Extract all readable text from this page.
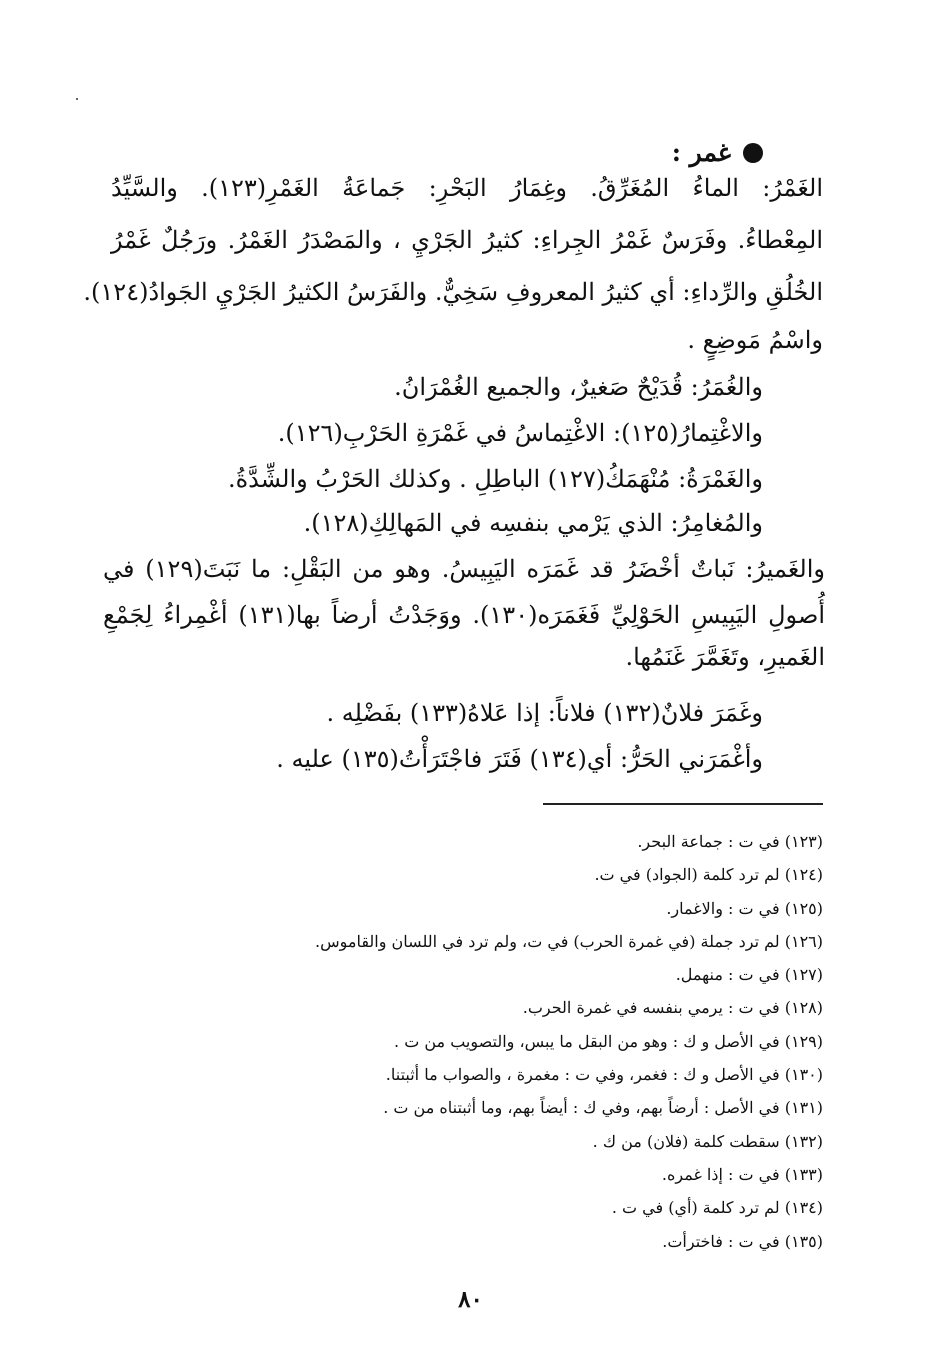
غمر :
الغَمْرُ: الماءُ المُغَرِّقُ. وغِمَارُ البَحْرِ: جَماعَةُ الغَمْرِ(١٢٣). والسَّيِّدُ
المِعْطاءُ. وفَرَسٌ غَمْرُ الجِراءِ: كثيرُ الجَرْيِ ، والمَصْدَرُ الغَمْرُ. ورَجُلٌ غَمْرُ
الخُلُقِ والرِّداءِ: أي كثيرُ المعروفِ سَخِيٌّ. والفَرَسُ الكثيرُ الجَرْيِ الجَوادُ(١٢٤).
واسْمُ مَوضِعٍ .
والغُمَرُ: قُدَيْحٌ صَغيرٌ، والجميع الغُمْرَانُ.
والاغْتِمارُ(١٢٥): الاغْتِماسُ في غَمْرَةِ الحَرْبِ(١٢٦).
والغَمْرَةُ: مُنْهَمَكُ(١٢٧) الباطِلِ . وكذلك الحَرْبُ والشِّدَّةُ.
والمُغامِرُ: الذي يَرْمي بنفسِه في المَهالِكِ(١٢٨).
والغَميرُ: نَباتٌ أخْضَرُ قد غَمَرَه اليَبِيسُ. وهو من البَقْلِ: ما نَبَتَ(١٢٩) في
أُصولِ اليَبِيسِ الحَوْلِيِّ فَغَمَرَه(١٣٠). ووَجَدْتُ أرضاً بها(١٣١) أغْمِراءُ لِجَمْعِ
الغَميرِ، وتَغَمَّرَ غَنَمُها.
وغَمَرَ فلانٌ(١٣٢) فلاناً: إذا عَلاهُ(١٣٣) بفَضْلِه .
وأغْمَرَني الحَرُّ: أي(١٣٤) فَتَرَ فاجْتَرَأْتُ(١٣٥) عليه .
(١٢٣) في ت : جماعة البحر.
(١٢٤) لم ترد كلمة (الجواد) في ت.
(١٢٥) في ت : والاغمار.
(١٢٦) لم ترد جملة (في غمرة الحرب) في ت، ولم ترد في اللسان والقاموس.
(١٢٧) في ت : منهمل.
(١٢٨) في ت : يرمي بنفسه في غمرة الحرب.
(١٢٩) في الأصل و ك : وهو من البقل ما يبس، والتصويب من ت .
(١٣٠) في الأصل و ك : فغمر، وفي ت : مغمرة ، والصواب ما أثبتنا.
(١٣١) في الأصل : أرضاً بهم، وفي ك : أيضاً بهم، وما أثبتناه من ت .
(١٣٢) سقطت كلمة (فلان) من ك .
(١٣٣) في ت : إذا غمره.
(١٣٤) لم ترد كلمة (أي) في ت .
(١٣٥) في ت : فاخترأت.
٨٠
